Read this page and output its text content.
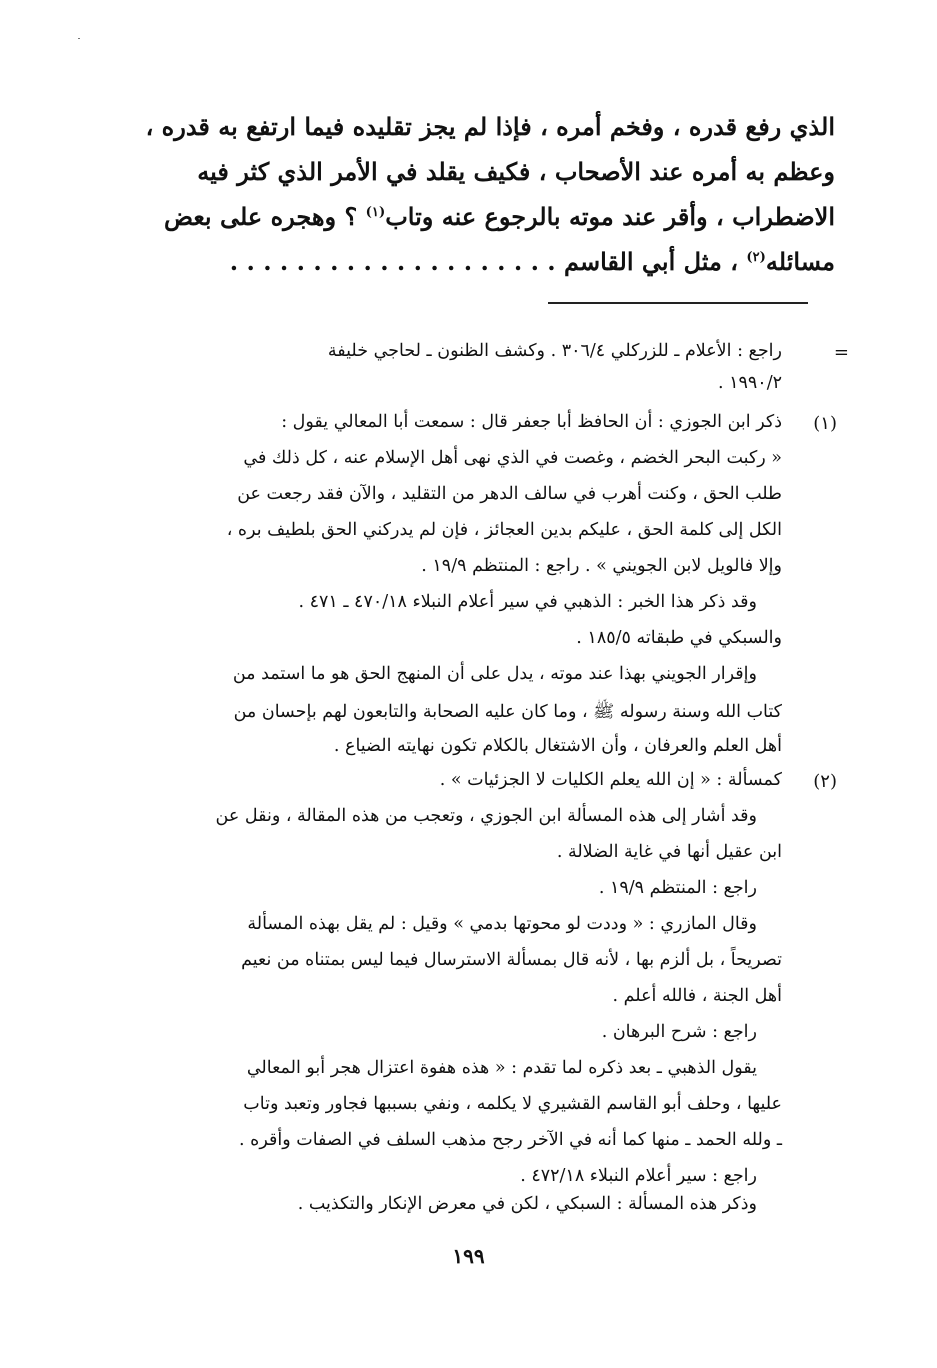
الذي رفع قدره ، وفخم أمره ، فإذا لم يجز تقليده فيما ارتفع به قدره ،
وعظم به أمره عند الأصحاب ، فكيف يقلد في الأمر الذي كثر فيه
الاضطراب ، وأقر عند موته بالرجوع عنه وتاب$^{(١)}$ ؟ وهجره على بعض
مسائله$^{(٢)}$ ، مثل أبي القاسم . . . . . . . . . . . . . . . . . . . .
=
راجع : الأعلام ـ للزركلي ٣٠٦/٤ . وكشف الظنون ـ لحاجي خليفة
١٩٩٠/٢ .
(١)
ذكر ابن الجوزي : أن الحافظ أبا جعفر قال : سمعت أبا المعالي يقول :
« ركبت البحر الخضم ، وغصت في الذي نهى أهل الإسلام عنه ، كل ذلك في
طلب الحق ، وكنت أهرب في سالف الدهر من التقليد ، والآن فقد رجعت عن
الكل إلى كلمة الحق ، عليكم بدين العجائز ، فإن لم يدركني الحق بلطيف بره ،
وإلا فالويل لابن الجويني » . راجع : المنتظم ١٩/٩ .
وقد ذكر هذا الخبر : الذهبي في سير أعلام النبلاء ٤٧٠/١٨ ـ ٤٧١ .
والسبكي في طبقاته ١٨٥/٥ .
وإقرار الجويني بهذا عند موته ، يدل على أن المنهج الحق هو ما استمد من
كتاب الله وسنة رسوله ﷺ ، وما كان عليه الصحابة والتابعون لهم بإحسان من
أهل العلم والعرفان ، وأن الاشتغال بالكلام تكون نهايته الضياع .
(٢)
كمسألة : « إن الله يعلم الكليات لا الجزئيات » .
وقد أشار إلى هذه المسألة ابن الجوزي ، وتعجب من هذه المقالة ، ونقل عن
ابن عقيل أنها في غاية الضلالة .
راجع : المنتظم ١٩/٩ .
وقال المازري : « وددت لو محوتها بدمي » وقيل : لم يقل بهذه المسألة
تصريحاً ، بل ألزم بها ، لأنه قال بمسألة الاسترسال فيما ليس بمتناه من نعيم
أهل الجنة ، فالله أعلم .
راجع : شرح البرهان .
يقول الذهبي ـ بعد ذكره لما تقدم : « هذه هفوة اعتزال هجر أبو المعالي
عليها ، وحلف أبو القاسم القشيري لا يكلمه ، ونفي بسببها فجاور وتعبد وتاب
ـ ولله الحمد ـ منها كما أنه في الآخر رجح مذهب السلف في الصفات وأقره .
راجع : سير أعلام النبلاء ٤٧٢/١٨ .
وذكر هذه المسألة : السبكي ، لكن في معرض الإنكار والتكذيب .
١٩٩
